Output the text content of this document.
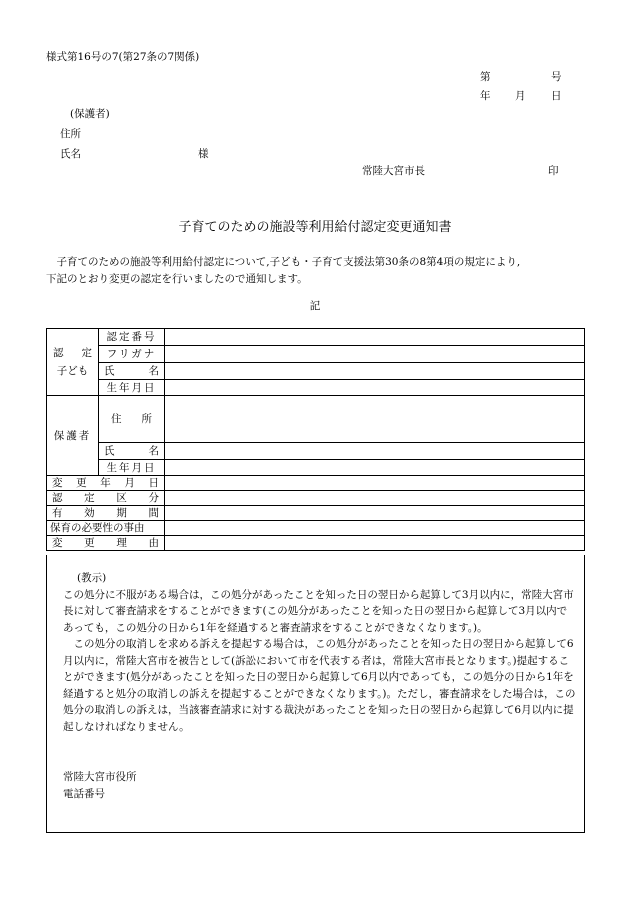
様式第16号の7(第27条の7関係)
第	号
年 月 日
(保護者)
住所
氏名	様
常陸大宮市長	印
子育てのための施設等利用給付認定変更通知書

子育てのための施設等利用給付認定について,子ども・子育て支援法第30条の8第4項の規定により,

下記のとおり変更の認定を行いましたので通知します。

記
認 定
子ども	認定番号	

	フリガナ	

	氏 名	

	生年月日	

保護者	住 所	

	氏 名	

	生年月日	

変 更 年 月 日		

認 定 区 分		

有 効 期 間		

保育の必要性の事由		

変 更 理 由		

(教示)

この処分に不服がある場合は，この処分があったことを知った日の翌日から起算して3月以内に，常陸大宮市長に対して審査請求をすることができます(この処分があったことを知った日の翌日から起算して3月以内であっても，この処分の日から1年を経過すると審査請求をすることができなくなります。)。

この処分の取消しを求める訴えを提起する場合は，この処分があったことを知った日の翌日から起算して6月以内に，常陸大宮市を被告として(訴訟において市を代表する者は，常陸大宮市長となります。)提起することができます(処分があったことを知った日の翌日から起算して6月以内であっても，この処分の日から1年を経過すると処分の取消しの訴えを提起することができなくなります。)。ただし，審査請求をした場合は，この処分の取消しの訴えは，当該審査請求に対する裁決があったことを知った日の翌日から起算して6月以内に提起しなければなりません。

常陸大宮市役所
電話番号
